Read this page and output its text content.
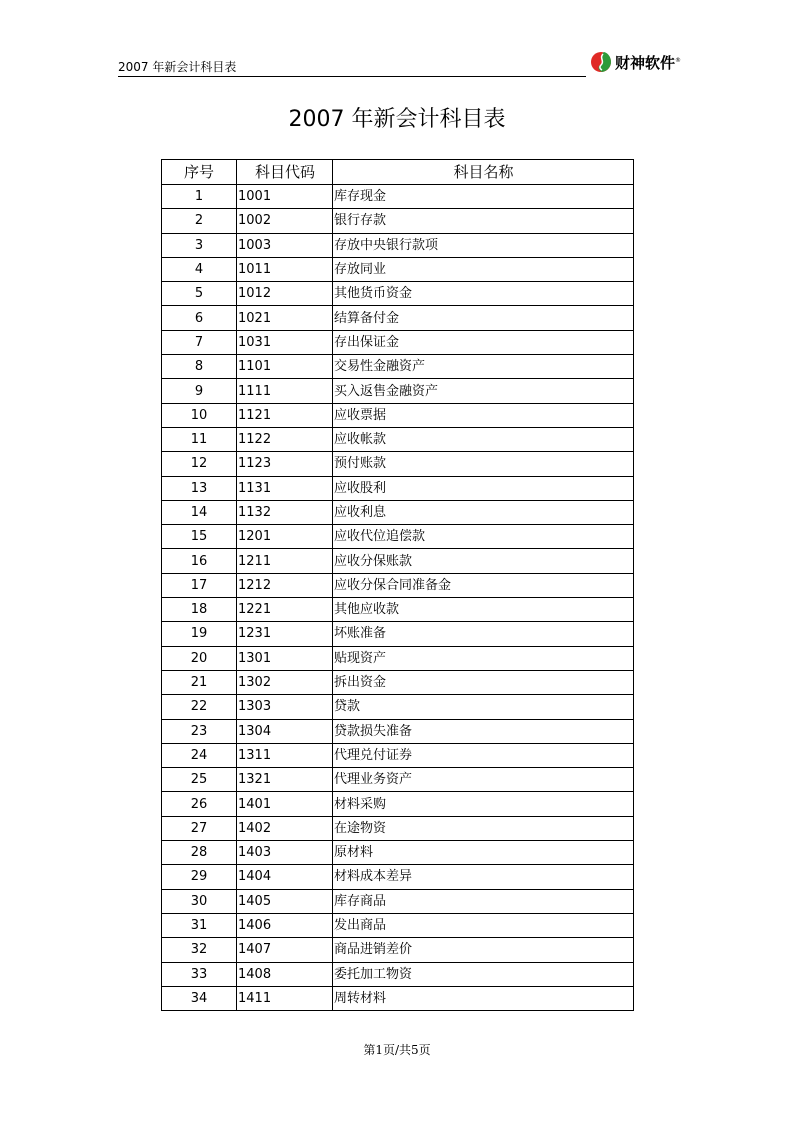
2007 年新会计科目表	财神软件 ®
2007 年新会计科目表
序号	科目代码	科目名称
1	1001	库存现金
2	1002	银行存款
3	1003	存放中央银行款项
4	1011	存放同业
5	1012	其他货币资金
6	1021	结算备付金
7	1031	存出保证金
8	1101	交易性金融资产
9	1111	买入返售金融资产
10	1121	应收票据
11	1122	应收帐款
12	1123	预付账款
13	1131	应收股利
14	1132	应收利息
15	1201	应收代位追偿款
16	1211	应收分保账款
17	1212	应收分保合同准备金
18	1221	其他应收款
19	1231	坏账准备
20	1301	贴现资产
21	1302	拆出资金
22	1303	贷款
23	1304	贷款损失准备
24	1311	代理兑付证券
25	1321	代理业务资产
26	1401	材料采购
27	1402	在途物资
28	1403	原材料
29	1404	材料成本差异
30	1405	库存商品
31	1406	发出商品
32	1407	商品进销差价
33	1408	委托加工物资
34	1411	周转材料
第1页/共5页
